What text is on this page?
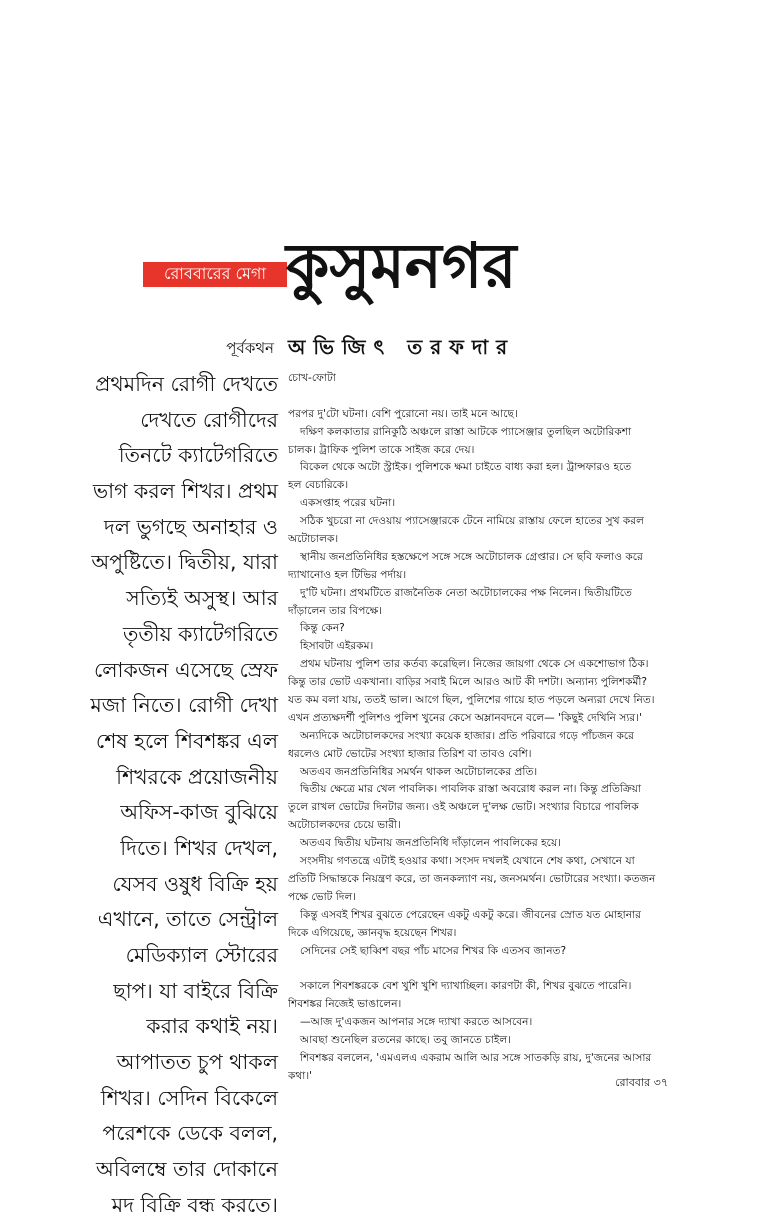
রোববারের মেগা কুসুমনগর
পূর্বকথন অভিজিৎ তরফদার
প্রথমদিন রোগী দেখতে
দেখতে রোগীদের
তিনটে ক্যাটেগরিতে
ভাগ করল শিখর। প্রথম
দল ভুগছে অনাহার ও
অপুষ্টিতে। দ্বিতীয়, যারা
সত্যিই অসুস্থ। আর
তৃতীয় ক্যাটেগরিতে
লোকজন এসেছে স্রেফ
মজা নিতে। রোগী দেখা
শেষ হলে শিবশঙ্কর এল
শিখরকে প্রয়োজনীয়
অফিস-কাজ বুঝিয়ে
দিতে। শিখর দেখল,
যেসব ওষুধ বিক্রি হয়
এখানে, তাতে সেন্ট্রাল
মেডিক্যাল স্টোরের
ছাপ। যা বাইরে বিক্রি
করার কথাই নয়।
আপাতত চুপ থাকল
শিখর। সেদিন বিকেলে
পরেশকে ডেকে বলল,
অবিলম্বে তার দোকানে
মদ বিক্রি বন্ধ করতে।
চোখ-ফোটা
পরপর দু'টো ঘটনা। বেশি পুরোনো নয়। তাই মনে আছে।
দক্ষিণ কলকাতার রানিকুঠি অঞ্চলে রাস্তা আটকে প্যাসেঞ্জার তুলছিল অটোরিকশা
চালক। ট্রাফিক পুলিশ তাকে সাইজ করে দেয়।
বিকেল থেকে অটো স্ট্রাইক। পুলিশকে ক্ষমা চাইতে বাধ্য করা হল। ট্রান্সফারও হতে
হল বেচারিকে।
একসপ্তাহ পরের ঘটনা।
সঠিক খুচরো না দেওয়ায় প্যাসেঞ্জারকে টেনে নামিয়ে রাস্তায় ফেলে হাতের সুখ করল
অটোচালক।
স্থানীয় জনপ্রতিনিধির হস্তক্ষেপে সঙ্গে সঙ্গে অটোচালক গ্রেপ্তার। সে ছবি ফলাও করে
দ্যাখানোও হল টিভির পর্দায়।
দু'টি ঘটনা। প্রথমটিতে রাজনৈতিক নেতা অটোচালকের পক্ষ নিলেন। দ্বিতীয়টিতে
দাঁড়ালেন তার বিপক্ষে।
কিন্তু কেন?
হিসাবটা এইরকম।
প্রথম ঘটনায় পুলিশ তার কর্তব্য করেছিল। নিজের জায়গা থেকে সে একশোভাগ ঠিক।
কিন্তু তার ভোট একখানা। বাড়ির সবাই মিলে আরও আট কী দশটা। অন্যান্য পুলিশকর্মী?
যত কম বলা যায়, ততই ভাল। আগে ছিল, পুলিশের গায়ে হাত পড়লে অন্যরা দেখে নিত।
এখন প্রত্যক্ষদর্শী পুলিশও পুলিশ খুনের কেসে অম্লানবদনে বলে— 'কিছুই দেখিনি স্যর।'
অন্যদিকে অটোচালকদের সংখ্যা কয়েক হাজার। প্রতি পরিবারে গড়ে পাঁচজন করে
ধরলেও মোট ভোটের সংখ্যা হাজার তিরিশ বা তাবও বেশি।
অতএব জনপ্রতিনিধির সমর্থন থাকল অটোচালকের প্রতি।
দ্বিতীয় ক্ষেত্রে মার খেল পাবলিক। পাবলিক রাস্তা অবরোধ করল না। কিন্তু প্রতিক্রিয়া
তুলে রাখল ভোটের দিনটার জন্য। ওই অঞ্চলে দু'লক্ষ ভোট। সংখ্যার বিচারে পাবলিক
অটোচালকদের চেয়ে ভারী।
অতএব দ্বিতীয় ঘটনায় জনপ্রতিনিধি দাঁড়ালেন পাবলিকের হয়ে।
সংসদীয় গণতন্ত্রে এটাই হওয়ার কথা। সংসদ দখলই যেখানে শেষ কথা, সেখানে যা
প্রতিটি সিদ্ধান্তকে নিয়ন্ত্রণ করে, তা জনকল্যাণ নয়, জনসমর্থন। ভোটারের সংখ্যা। কতজন
পক্ষে ভোট দিল।
কিন্তু এসবই শিখর বুঝতে পেরেছেন একটু একটু করে। জীবনের স্রোত যত মোহানার
দিকে এগিয়েছে, জ্ঞানবৃদ্ধ হয়েছেন শিখর।
সেদিনের সেই ছাব্বিশ বছর পাঁচ মাসের শিখর কি এতসব জানত?
সকালে শিবশঙ্করকে বেশ খুশি খুশি দ্যাখাচ্ছিল। কারণটা কী, শিখর বুঝতে পারেনি।
শিবশঙ্কর নিজেই ভাঙালেন।
—আজ দু'একজন আপনার সঙ্গে দ্যাখা করতে আসবেন।
আবছা শুনেছিল রতনের কাছে। তবু জানতে চাইল।
শিবশঙ্কর বললেন, 'এমএলএ একরাম আলি আর সঙ্গে সাতকড়ি রায়, দু'জনের আসার
কথা।'
রোববার ৩৭
